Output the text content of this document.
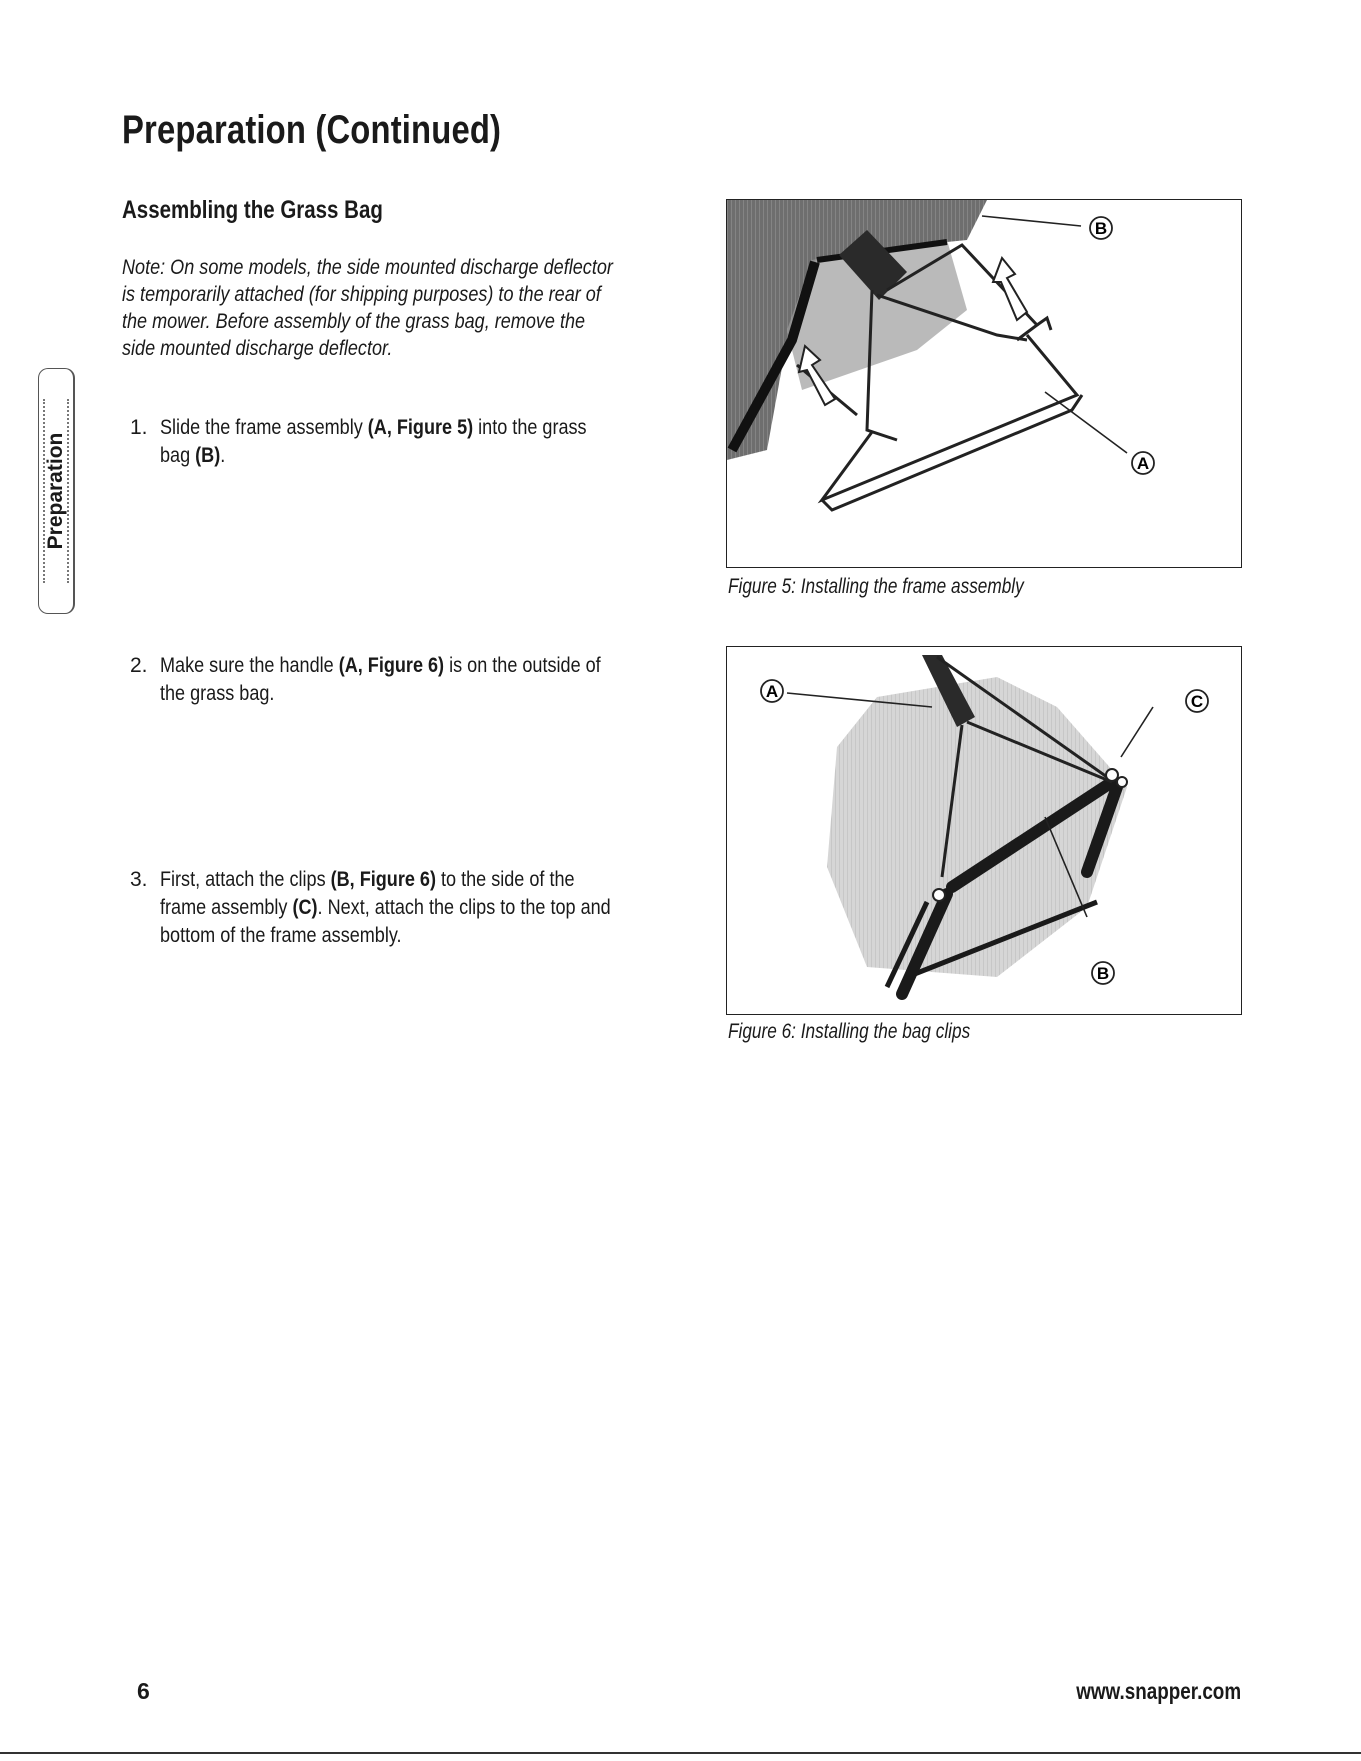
Preparation (Continued)
Assembling the Grass Bag
Note: On some models, the side mounted discharge deflector
is temporarily attached (for shipping purposes) to the rear of
the mower. Before assembly of the grass bag, remove the
side mounted discharge deflector.
1. Slide the frame assembly (A, Figure 5) into the grass
bag (B).
2. Make sure the handle (A, Figure 6) is on the outside of
the grass bag.
3. First, attach the clips (B, Figure 6) to the side of the
frame assembly (C). Next, attach the clips to the top and
bottom of the frame assembly.
Preparation
B
A
Figure 5: Installing the frame assembly
A
C
B
Figure 6: Installing the bag clips
6	www.snapper.com
